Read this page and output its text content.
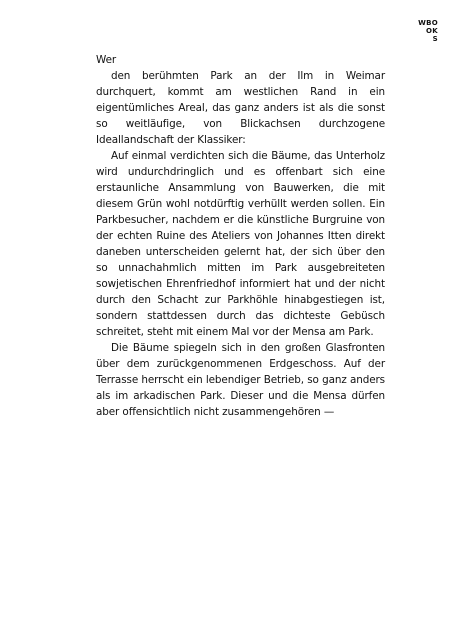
WBO
OK
S

Wer
den berühmten Park an der Ilm in Weimar durchquert, kommt am westlichen Rand in ein eigentümliches Areal, das ganz anders ist als die sonst so weitläufige, von Blickachsen durchzogene Ideallandschaft der Klassiker:

Auf einmal verdichten sich die Bäume, das Unterholz wird undurchdringlich und es offenbart sich eine erstaunliche Ansammlung von Bauwerken, die mit diesem Grün wohl notdürftig verhüllt werden sollen. Ein Parkbesucher, nachdem er die künstliche Burgruine von der echten Ruine des Ateliers von Johannes Itten direkt daneben unterscheiden gelernt hat, der sich über den so unnachahmlich mitten im Park ausgebreiteten sowjetischen Ehrenfriedhof informiert hat und der nicht durch den Schacht zur Parkhöhle hinabgestiegen ist, sondern stattdessen durch das dichteste Gebüsch schreitet, steht mit einem Mal vor der Mensa am Park.

Die Bäume spiegeln sich in den großen Glasfronten über dem zurückgenommenen Erdgeschoss. Auf der Terrasse herrscht ein lebendiger Betrieb, so ganz anders als im arkadischen Park. Dieser und die Mensa dürfen aber offensichtlich nicht zusammengehören —
